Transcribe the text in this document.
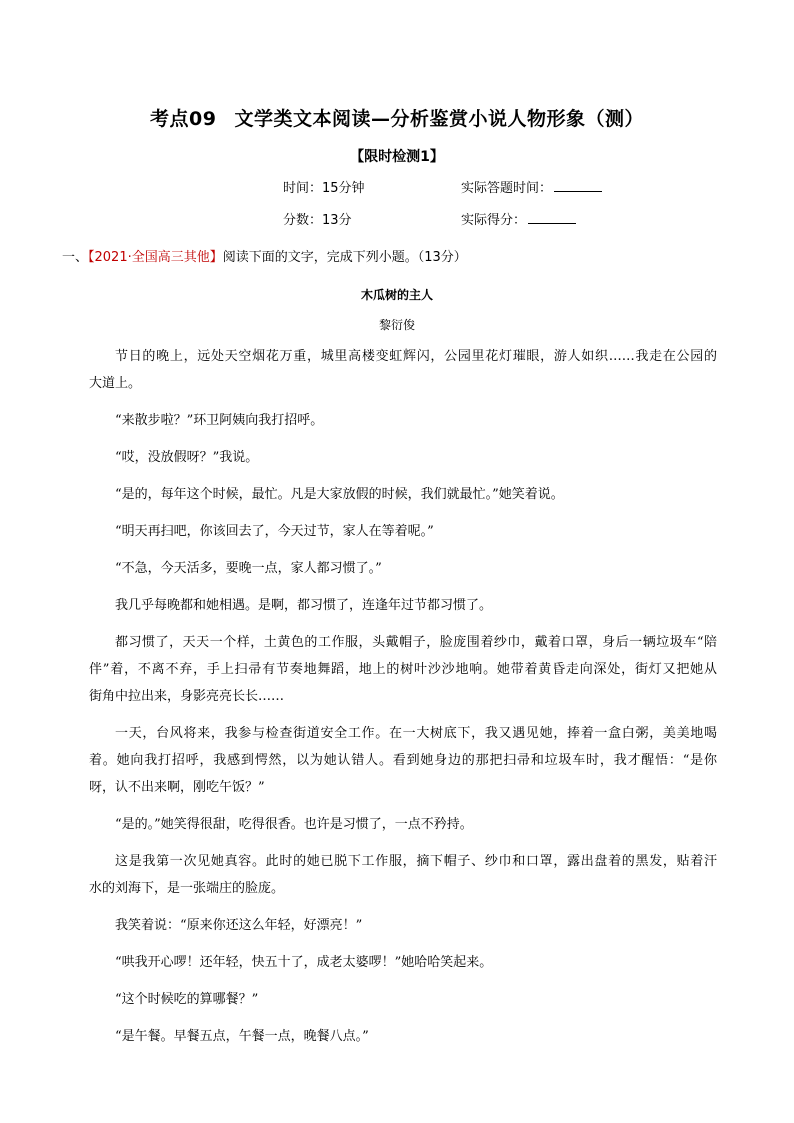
考点09 文学类文本阅读—分析鉴赏小说人物形象（测）
【限时检测1】
时间：15分钟	实际答题时间：
分数：13分	实际得分：
一、【2021·全国高三其他】阅读下面的文字，完成下列小题。（13分）
木瓜树的主人
黎衍俊
节日的晚上，远处天空烟花万重，城里高楼变虹辉闪，公园里花灯璀眼，游人如织……我走在公园的
大道上。
“来散步啦？”环卫阿姨向我打招呼。
“哎，没放假呀？”我说。
“是的，每年这个时候，最忙。凡是大家放假的时候，我们就最忙。”她笑着说。
“明天再扫吧，你该回去了，今天过节，家人在等着呢。”
“不急，今天活多，要晚一点，家人都习惯了。”
我几乎每晚都和她相遇。是啊，都习惯了，连逢年过节都习惯了。
都习惯了，天天一个样，土黄色的工作服，头戴帽子，脸庞围着纱巾，戴着口罩，身后一辆垃圾车“陪
伴”着，不离不弃，手上扫帚有节奏地舞蹈，地上的树叶沙沙地响。她带着黄昏走向深处，街灯又把她从
街角中拉出来，身影亮亮长长……
一天，台风将来，我参与检查街道安全工作。在一大树底下，我又遇见她，捧着一盒白粥，美美地喝
着。她向我打招呼，我感到愕然，以为她认错人。看到她身边的那把扫帚和垃圾车时，我才醒悟：“是你
呀，认不出来啊，刚吃午饭？”
“是的。”她笑得很甜，吃得很香。也许是习惯了，一点不矜持。
这是我第一次见她真容。此时的她已脱下工作服，摘下帽子、纱巾和口罩，露出盘着的黑发，贴着汗
水的刘海下，是一张端庄的脸庞。
我笑着说：“原来你还这么年轻，好漂亮！”
“哄我开心啰！还年轻，快五十了，成老太婆啰！”她哈哈笑起来。
“这个时候吃的算哪餐？”
“是午餐。早餐五点，午餐一点，晚餐八点。”
